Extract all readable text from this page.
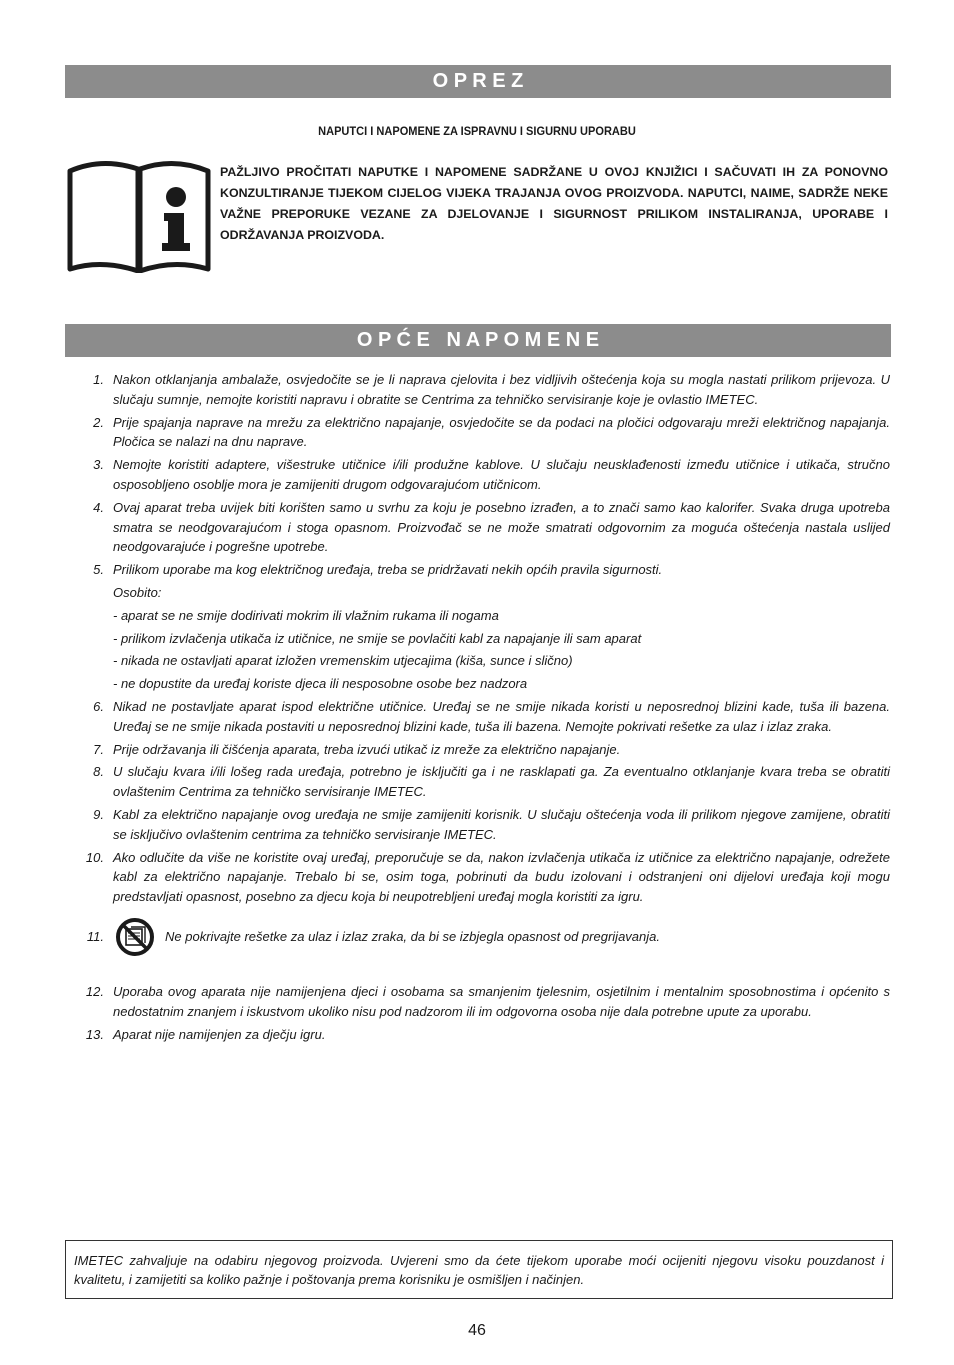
O P R E Z
NAPUTCI I NAPOMENE ZA ISPRAVNU I SIGURNU UPORABU
PAŽLJIVO PROČITATI NAPUTKE I NAPOMENE SADRŽANE U OVOJ KNJIŽICI I SAČUVATI IH ZA PONOVNO KONZULTIRANJE TIJEKOM CIJELOG VIJEKA TRAJANJA OVOG PROIZVODA. NAPUTCI, NAIME, SADRŽE NEKE VAŽNE PREPORUKE VEZANE ZA DJELOVANJE I SIGURNOST PRILIKOM INSTALIRANJA, UPORABE I ODRŽAVANJA PROIZVODA.
O P Ć E   N A P O M E N E
1. Nakon otklanjanja ambalaže, osvjedočite se je li naprava cjelovita i bez vidljivih oštećenja koja su mogla nastati prilikom prijevoza. U slučaju sumnje, nemojte koristiti napravu i obratite se Centrima za tehničko servisiranje koje je ovlastio IMETEC.
2. Prije spajanja naprave na mrežu za električno napajanje, osvjedočite se da podaci na pločici odgovaraju mreži električnog napajanja. Pločica se nalazi na dnu naprave.
3. Nemojte koristiti adaptere, višestruke utičnice i/ili produžne kablove. U slučaju neusklađenosti između utičnice i utikača, stručno osposobljeno osoblje mora je zamijeniti drugom odgovarajućom utičnicom.
4. Ovaj aparat treba uvijek biti korišten samo u svrhu za koju je posebno izrađen, a to znači samo kao kalorifer. Svaka druga upotreba smatra se neodgovarajućom i stoga opasnom. Proizvođač se ne može smatrati odgovornim za moguća oštećenja nastala uslijed neodgovarajuće i pogrešne upotrebe.
5. Prilikom uporabe ma kog električnog uređaja, treba se pridržavati nekih općih pravila sigurnosti.
Osobito:
- aparat se ne smije dodirivati mokrim ili vlažnim rukama ili nogama
- prilikom izvlačenja utikača iz utičnice, ne smije se povlačiti kabl za napajanje ili sam aparat
- nikada ne ostavljati aparat izložen vremenskim utjecajima (kiša, sunce i slično)
- ne dopustite da uređaj koriste djeca ili nesposobne osobe bez nadzora
6. Nikad ne postavljate aparat ispod električne utičnice. Uređaj se ne smije nikada koristi u neposrednoj blizini kade, tuša ili bazena. Uređaj se ne smije nikada postaviti u neposrednoj blizini kade, tuša ili bazena. Nemojte pokrivati rešetke za ulaz i izlaz zraka.
7. Prije održavanja ili čišćenja aparata, treba izvući utikač iz mreže za električno napajanje.
8. U slučaju kvara i/ili lošeg rada uređaja, potrebno je isključiti ga i ne rasklapati ga. Za eventualno otklanjanje kvara treba se obratiti ovlaštenim Centrima za tehničko servisiranje IMETEC.
9. Kabl za električno napajanje ovog uređaja ne smije zamijeniti korisnik. U slučaju oštećenja voda ili prilikom njegove zamijene, obratiti se isključivo ovlaštenim centrima za tehničko servisiranje IMETEC.
10. Ako odlučite da više ne koristite ovaj uređaj, preporučuje se da, nakon izvlačenja utikača iz utičnice za električno napajanje, odrežete kabl za električno napajanje. Trebalo bi se, osim toga, pobrinuti da budu izolovani i odstranjeni oni dijelovi uređaja koji mogu predstavljati opasnost, posebno za djecu koja bi neupotrebljeni uređaj mogla koristiti za igru.
11.	Ne pokrivajte rešetke za ulaz i izlaz zraka, da bi se izbjegla opasnost od pregrijavanja.
12. Uporaba ovog aparata nije namijenjena djeci i osobama sa smanjenim tjelesnim, osjetilnim i mentalnim sposobnostima i općenito s nedostatnim znanjem i iskustvom ukoliko nisu pod nadzorom ili im odgovorna osoba nije dala potrebne upute za uporabu.
13. Aparat nije namijenjen za dječju igru.
IMETEC zahvaljuje na odabiru njegovog proizvoda. Uvjereni smo da ćete tijekom uporabe moći ocijeniti njegovu visoku pouzdanost i kvalitetu, i zamijetiti sa koliko pažnje i poštovanja prema korisniku je osmišljen i načinjen.
46
